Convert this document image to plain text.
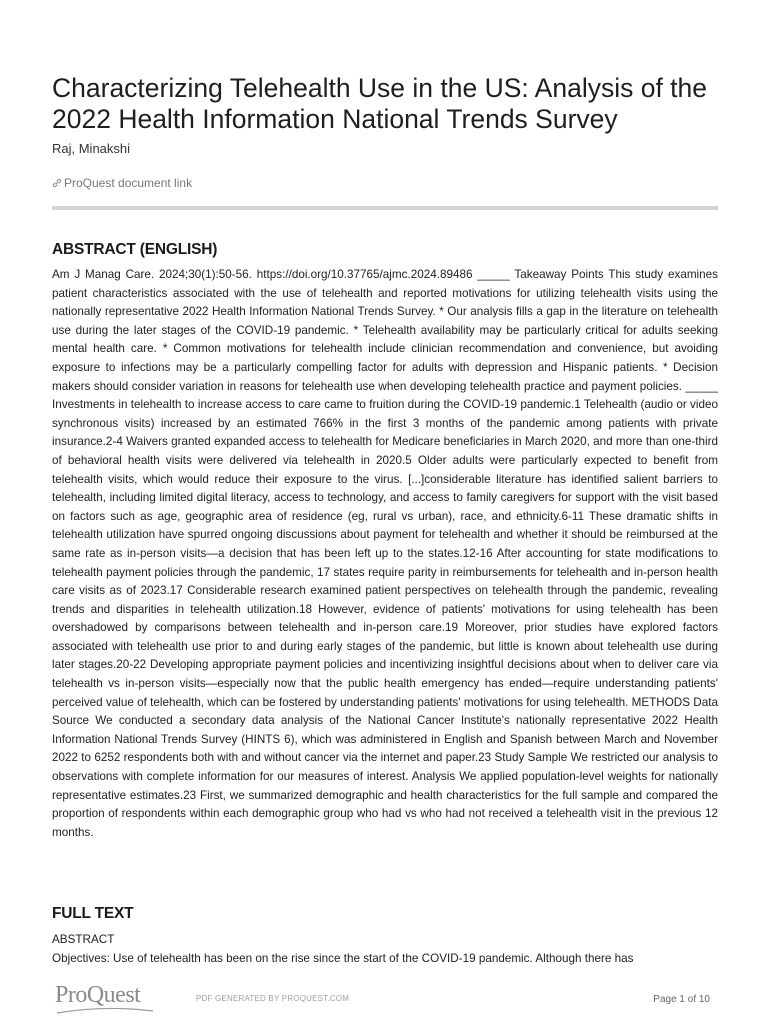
Characterizing Telehealth Use in the US: Analysis of the 2022 Health Information National Trends Survey
Raj, Minakshi
ProQuest document link
ABSTRACT (ENGLISH)

Am J Manag Care. 2024;30(1):50-56. https://doi.org/10.37765/ajmc.2024.89486 _____ Takeaway Points This study examines patient characteristics associated with the use of telehealth and reported motivations for utilizing telehealth visits using the nationally representative 2022 Health Information National Trends Survey. * Our analysis fills a gap in the literature on telehealth use during the later stages of the COVID-19 pandemic. * Telehealth availability may be particularly critical for adults seeking mental health care. * Common motivations for telehealth include clinician recommendation and convenience, but avoiding exposure to infections may be a particularly compelling factor for adults with depression and Hispanic patients. * Decision makers should consider variation in reasons for telehealth use when developing telehealth practice and payment policies. _____ Investments in telehealth to increase access to care came to fruition during the COVID-19 pandemic.1 Telehealth (audio or video synchronous visits) increased by an estimated 766% in the first 3 months of the pandemic among patients with private insurance.2-4 Waivers granted expanded access to telehealth for Medicare beneficiaries in March 2020, and more than one-third of behavioral health visits were delivered via telehealth in 2020.5 Older adults were particularly expected to benefit from telehealth visits, which would reduce their exposure to the virus. [...]considerable literature has identified salient barriers to telehealth, including limited digital literacy, access to technology, and access to family caregivers for support with the visit based on factors such as age, geographic area of residence (eg, rural vs urban), race, and ethnicity.6-11 These dramatic shifts in telehealth utilization have spurred ongoing discussions about payment for telehealth and whether it should be reimbursed at the same rate as in-person visits—a decision that has been left up to the states.12-16 After accounting for state modifications to telehealth payment policies through the pandemic, 17 states require parity in reimbursements for telehealth and in-person health care visits as of 2023.17 Considerable research examined patient perspectives on telehealth through the pandemic, revealing trends and disparities in telehealth utilization.18 However, evidence of patients' motivations for using telehealth has been overshadowed by comparisons between telehealth and in-person care.19 Moreover, prior studies have explored factors associated with telehealth use prior to and during early stages of the pandemic, but little is known about telehealth use during later stages.20-22 Developing appropriate payment policies and incentivizing insightful decisions about when to deliver care via telehealth vs in-person visits—especially now that the public health emergency has ended—require understanding patients' perceived value of telehealth, which can be fostered by understanding patients' motivations for using telehealth. METHODS Data Source We conducted a secondary data analysis of the National Cancer Institute's nationally representative 2022 Health Information National Trends Survey (HINTS 6), which was administered in English and Spanish between March and November 2022 to 6252 respondents both with and without cancer via the internet and paper.23 Study Sample We restricted our analysis to observations with complete information for our measures of interest. Analysis We applied population-level weights for nationally representative estimates.23 First, we summarized demographic and health characteristics for the full sample and compared the proportion of respondents within each demographic group who had vs who had not received a telehealth visit in the previous 12 months.

FULL TEXT
ABSTRACT
Objectives: Use of telehealth has been on the rise since the start of the COVID-19 pandemic. Although there has
ProQuest	PDF GENERATED BY PROQUEST.COM	Page 1 of 10
